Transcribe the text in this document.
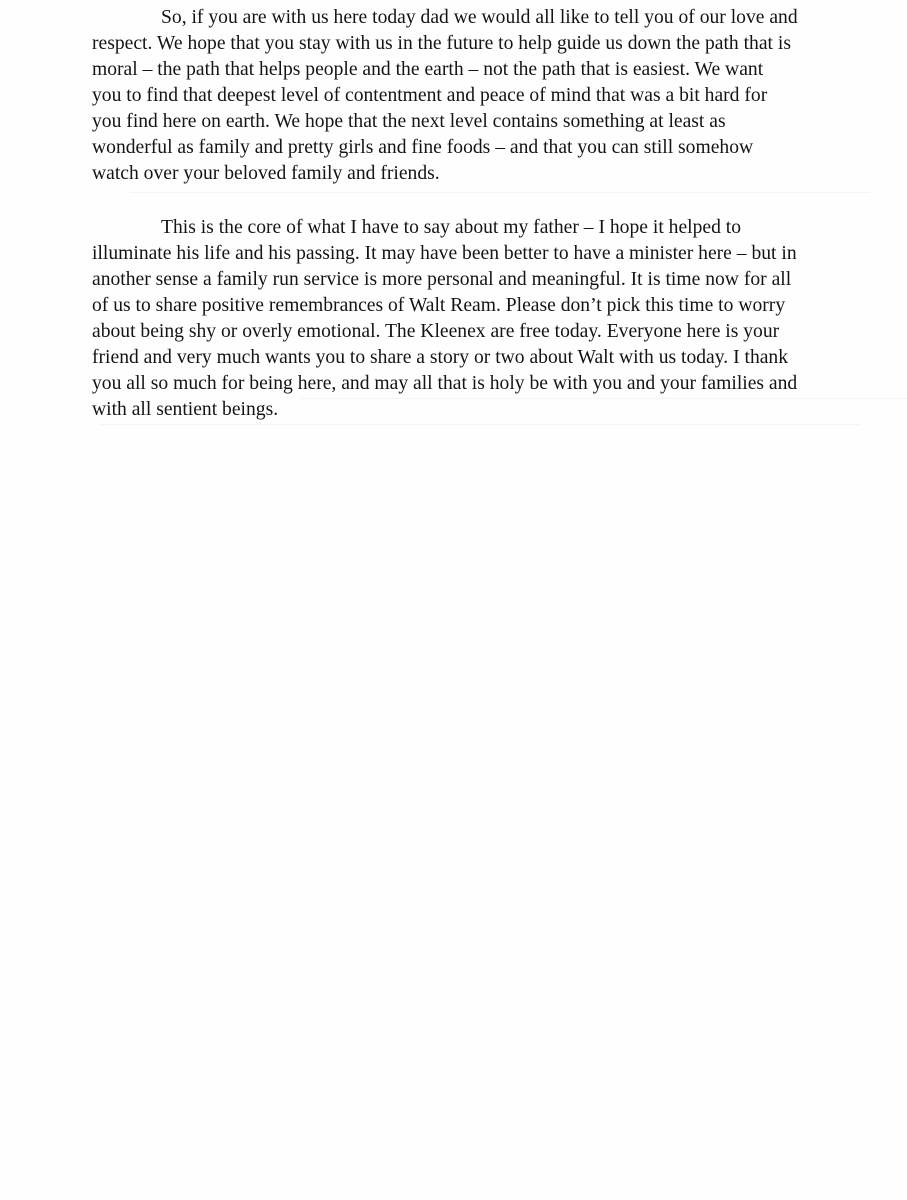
So, if you are with us here today dad we would all like to tell you of our love and
respect. We hope that you stay with us in the future to help guide us down the path that is
moral – the path that helps people and the earth – not the path that is easiest. We want
you to find that deepest level of contentment and peace of mind that was a bit hard for
you find here on earth. We hope that the next level contains something at least as
wonderful as family and pretty girls and fine foods – and that you can still somehow
watch over your beloved family and friends.

This is the core of what I have to say about my father – I hope it helped to
illuminate his life and his passing. It may have been better to have a minister here – but in
another sense a family run service is more personal and meaningful. It is time now for all
of us to share positive remembrances of Walt Ream. Please don’t pick this time to worry
about being shy or overly emotional. The Kleenex are free today. Everyone here is your
friend and very much wants you to share a story or two about Walt with us today. I thank
you all so much for being here, and may all that is holy be with you and your families and
with all sentient beings.
